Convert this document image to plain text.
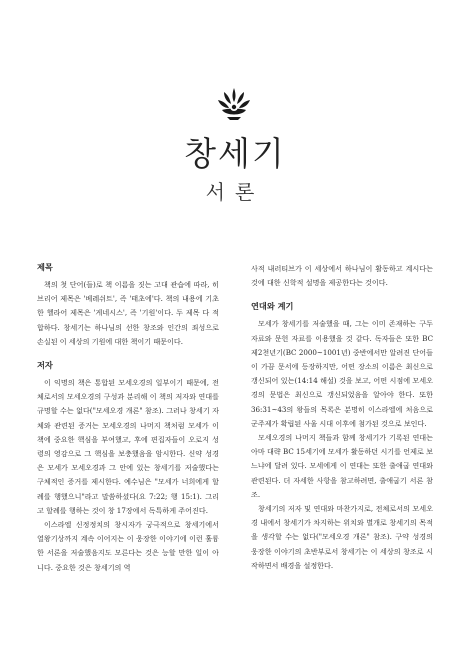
창세기
서론
제목

책의 첫 단어(들)로 책 이름을 짓는 고대 관습에 따라, 히브리어 제목은 '베레쉬트', 즉 '태초에'다. 책의 내용에 기초한 헬라어 제목은 '게네시스', 즉 '기원'이다. 두 제목 다 적합하다. 창세기는 하나님의 선한 창조와 인간의 죄성으로 손실된 이 세상의 기원에 대한 책이기 때문이다.

저자

이 익명의 책은 통합된 모세오경의 일부이기 때문에, 전체로서의 모세오경의 구성과 분리해 이 책의 저자와 연대를 규명할 수는 없다("모세오경 개론" 참조). 그러나 창세기 자체와 관련된 증거는 모세오경의 나머지 책처럼 모세가 이 책에 중요한 핵심을 부여했고, 후에 편집자들이 오로지 성령의 영감으로 그 핵심을 보충했음을 암시한다. 신약 성경은 모세가 모세오경과 그 안에 있는 창세기를 저술했다는 구체적인 증거를 제시한다. 예수님은 "모세가 너희에게 할례를 행했으니"라고 말씀하셨다(요 7:22; 행 15:1). 그리고 할례를 행하는 것이 창 17장에서 독특하게 주어진다.

이스라엘 신정정치의 창시자가 궁극적으로 창세기에서 열왕기상까지 계속 이어지는 이 웅장한 이야기에 이런 훌륭한 서론을 저술했음지도 모른다는 것은 능할 만한 일이 아니다. 중요한 것은 창세기의 역

사적 내러티브가 이 세상에서 하나님이 활동하고 계시다는 것에 대한 신학적 설명을 제공한다는 것이다.

연대와 계기

모세가 창세기를 저술했을 때, 그는 이미 존재하는 구두 자료와 문헌 자료를 이용했을 것 같다. 독자들은 또한 BC 제2천년기(BC 2000~1001년) 중반에서만 알려진 단어들이 가끔 문서에 등장하지만, 어떤 장소의 이름은 최신으로 갱신되어 있는(14:14 해설) 것을 보고, 어떤 시점에 모세오경의 문법은 최신으로 갱신되었음을 알아야 한다. 또한 36:31~43의 왕들의 목록은 분명히 이스라엘에 처음으로 군주제가 확립된 사울 시대 이후에 첨가된 것으로 보인다.

모세오경의 나머지 책들과 함께 창세기가 기록된 연대는 아마 대략 BC 15세기에 모세가 활동하던 시기를 언제로 보느냐에 달려 있다. 모세에게 이 연대는 또한 출애굽 연대와 관련된다. 더 자세한 사항을 참고하려면, 출애굽기 서론 참조.

창세기의 저자 및 연대와 마찬가지로, 전체로서의 모세오경 내에서 창세기가 차지하는 위치와 별개로 창세기의 목적을 생각할 수는 없다("모세오경 개론" 참조). 구약 성경의 웅장한 이야기의 초반부로서 창세기는 이 세상의 창조로 시작하면서 배경을 설정한다.
